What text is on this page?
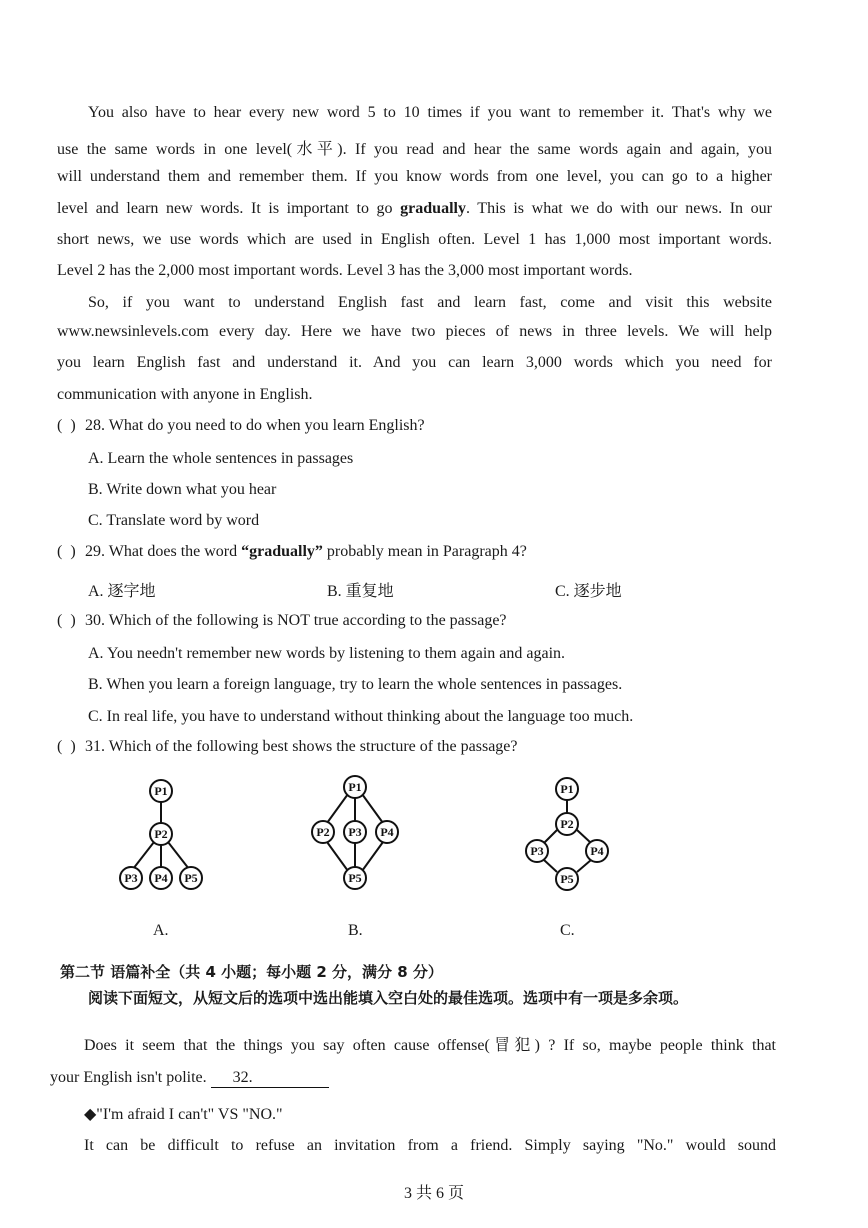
You also have to hear every new word 5 to 10 times if you want to remember it. That's why we
use the same words in one level(水平). If you read and hear the same words again and again, you
will understand them and remember them. If you know words from one level, you can go to a higher
level and learn new words. It is important to go gradually. This is what we do with our news. In our
short news, we use words which are used in English often. Level 1 has 1,000 most important words.
Level 2 has the 2,000 most important words. Level 3 has the 3,000 most important words.
So, if you want to understand English fast and learn fast, come and visit this website
www.newsinlevels.com every day. Here we have two pieces of news in three levels. We will help
you learn English fast and understand it. And you can learn 3,000 words which you need for
communication with anyone in English.
(  ) 28. What do you need to do when you learn English?
A. Learn the whole sentences in passages
B. Write down what you hear
C. Translate word by word
(  ) 29. What does the word “gradually” probably mean in Paragraph 4?
A. 逐字地	B. 重复地	C. 逐步地
(  ) 30. Which of the following is NOT true according to the passage?
A. You needn't remember new words by listening to them again and again.
B. When you learn a foreign language, try to learn the whole sentences in passages.
C. In real life, you have to understand without thinking about the language too much.
(  ) 31. Which of the following best shows the structure of the passage?
P1
P2
P3 P4 P5
A.
P1
P2 P3 P4
P5
B.
P1
P2
P3	P4
P5
C.
第二节 语篇补全（共 4 小题；每小题 2 分，满分 8 分）
阅读下面短文，从短文后的选项中选出能填入空白处的最佳选项。选项中有一项是多余项。
Does it seem that the things you say often cause offense(冒犯) ? If so, maybe people think that
your English isn't polite. 32.
◆"I'm afraid I can't" VS "NO."
It can be difficult to refuse an invitation from a friend. Simply saying "No." would sound
3 共 6 页
